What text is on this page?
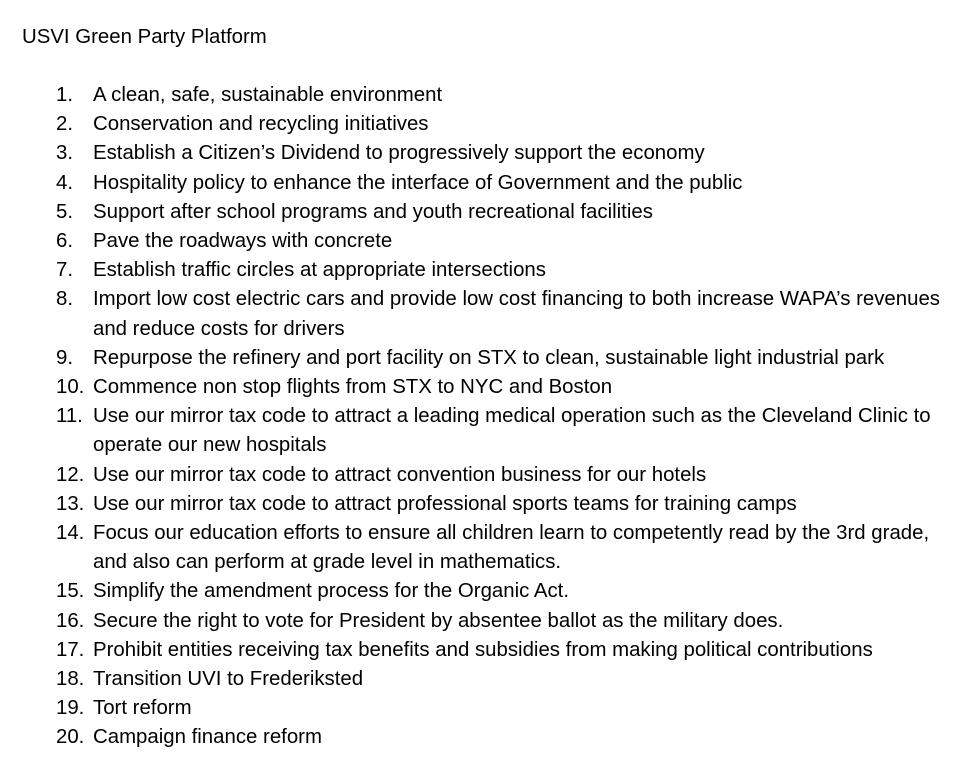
USVI Green Party Platform
1. A clean, safe, sustainable environment
2. Conservation and recycling initiatives
3. Establish a Citizen’s Dividend to progressively support the economy
4. Hospitality policy to enhance the interface of Government and the public
5. Support after school programs and youth recreational facilities
6. Pave the roadways with concrete
7. Establish traffic circles at appropriate intersections
8. Import low cost electric cars and provide low cost financing to both increase WAPA’s revenues and reduce costs for drivers
9. Repurpose the refinery and port facility on STX to clean, sustainable light industrial park
10. Commence non stop flights from STX to NYC and Boston
11. Use our mirror tax code to attract a leading medical operation such as the Cleveland Clinic to operate our new hospitals
12. Use our mirror tax code to attract convention business for our hotels
13. Use our mirror tax code to attract professional sports teams for training camps
14. Focus our education efforts to ensure all children learn to competently read by the 3rd grade, and also can perform at grade level in mathematics.
15. Simplify the amendment process for the Organic Act.
16. Secure the right to vote for President by absentee ballot as the military does.
17. Prohibit entities receiving tax benefits and subsidies from making political contributions
18. Transition UVI to Frederiksted
19. Tort reform
20. Campaign finance reform
